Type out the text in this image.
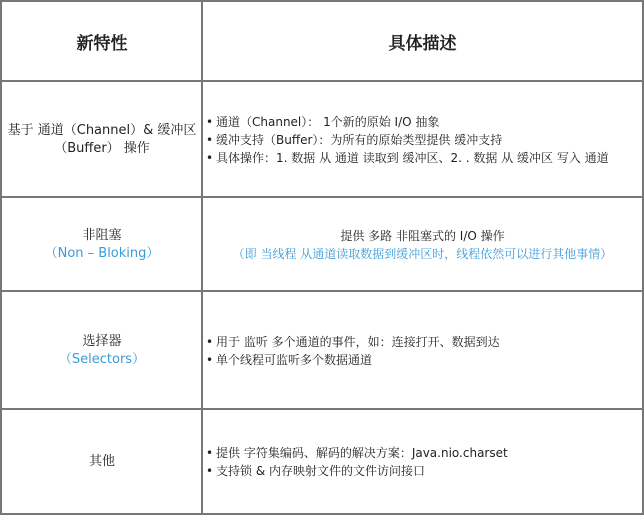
新特性	具体描述
基于 通道（Channel）& 缓冲区
（Buffer） 操作
• 通道（Channel）： 1个新的原始 I/O 抽象
• 缓冲支持（Buffer）：为所有的原始类型提供 缓冲支持
• 具体操作：1. 数据 从 通道 读取到 缓冲区、2. . 数据 从 缓冲区 写入 通道
非阻塞
（Non – Bloking）
提供 多路 非阻塞式的 I/O 操作
（即 当线程 从通道读取数据到缓冲区时，线程依然可以进行其他事情）
选择器
（Selectors）
• 用于 监听 多个通道的事件，如：连接打开、数据到达
• 单个线程可监听多个数据通道
其他
• 提供 字符集编码、解码的解决方案：Java.nio.charset
• 支持锁 & 内存映射文件的文件访问接口
